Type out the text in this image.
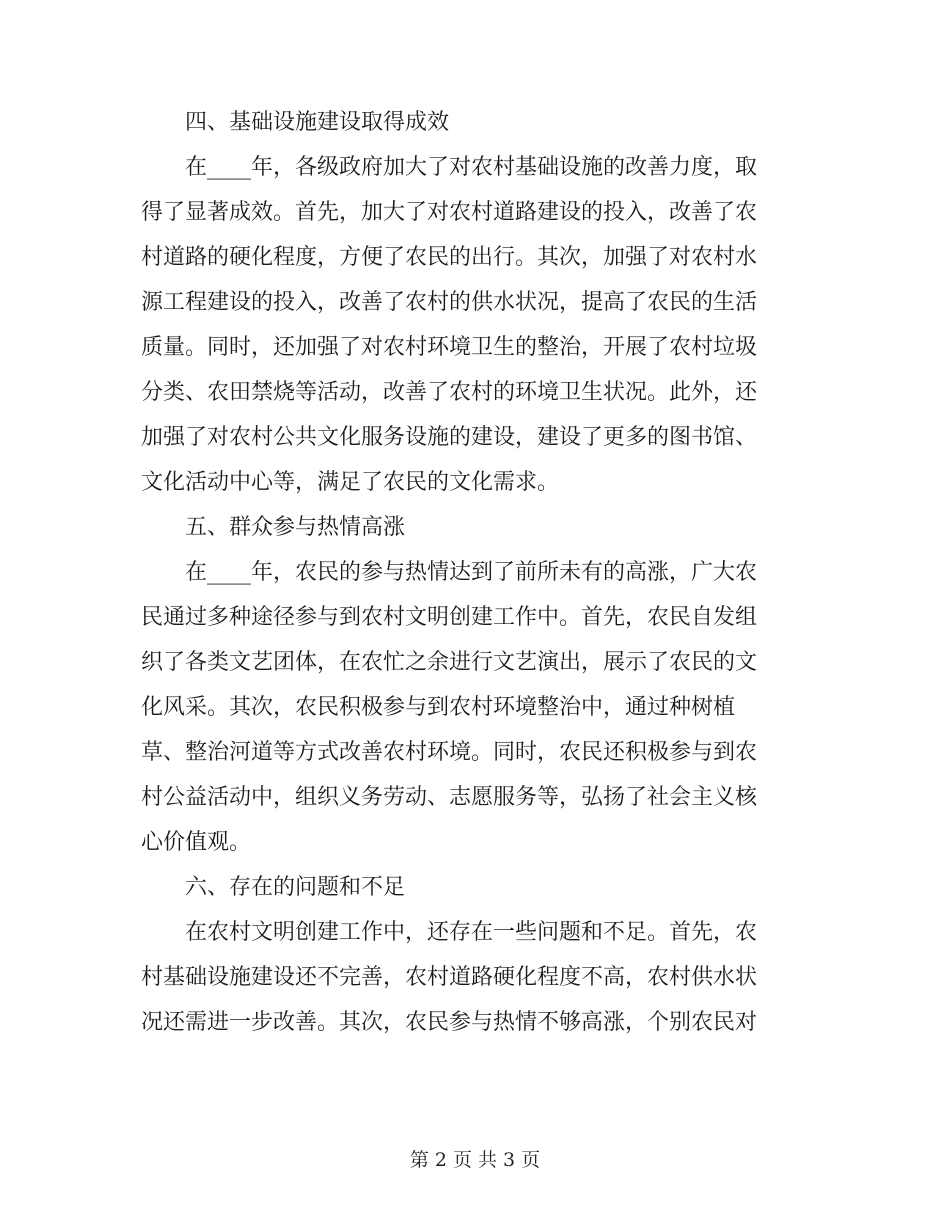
四、基础设施建设取得成效
在____年，各级政府加大了对农村基础设施的改善力度，取
得了显著成效。首先，加大了对农村道路建设的投入，改善了农
村道路的硬化程度，方便了农民的出行。其次，加强了对农村水
源工程建设的投入，改善了农村的供水状况，提高了农民的生活
质量。同时，还加强了对农村环境卫生的整治，开展了农村垃圾
分类、农田禁烧等活动，改善了农村的环境卫生状况。此外，还
加强了对农村公共文化服务设施的建设，建设了更多的图书馆、
文化活动中心等，满足了农民的文化需求。
五、群众参与热情高涨
在____年，农民的参与热情达到了前所未有的高涨，广大农
民通过多种途径参与到农村文明创建工作中。首先，农民自发组
织了各类文艺团体，在农忙之余进行文艺演出，展示了农民的文
化风采。其次，农民积极参与到农村环境整治中，通过种树植
草、整治河道等方式改善农村环境。同时，农民还积极参与到农
村公益活动中，组织义务劳动、志愿服务等，弘扬了社会主义核
心价值观。
六、存在的问题和不足
在农村文明创建工作中，还存在一些问题和不足。首先，农
村基础设施建设还不完善，农村道路硬化程度不高，农村供水状
况还需进一步改善。其次，农民参与热情不够高涨，个别农民对
第 2 页 共 3 页
